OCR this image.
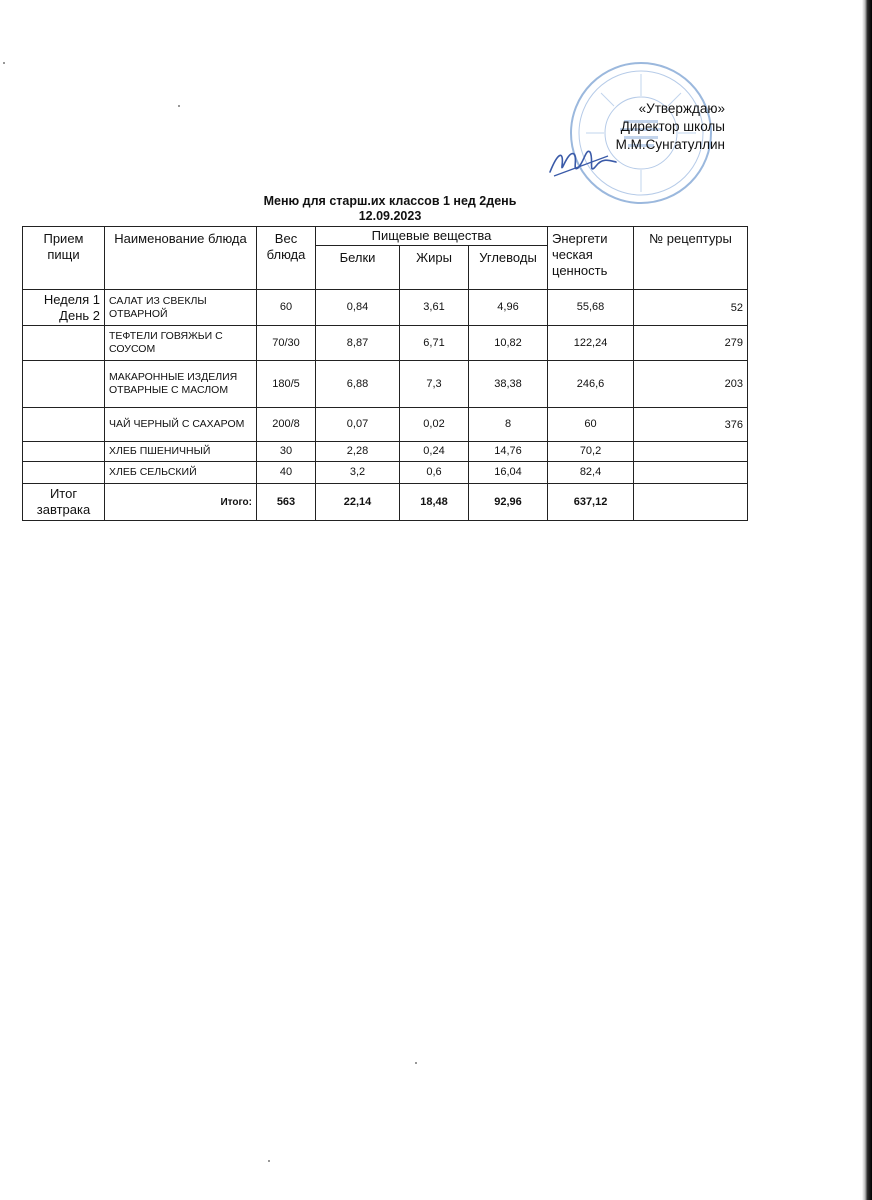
«Утверждаю»
Директор школы
М.М.Сунгатуллин
Меню для старш.их классов 1 нед 2день
12.09.2023
Прием пищи	Наименование блюда	Вес блюда	Пищевые вещества			Энергети ческая ценность	№ рецептуры
			Белки	Жиры	Углеводы		
Неделя 1 День 2	САЛАТ ИЗ СВЕКЛЫ ОТВАРНОЙ	60	0,84	3,61	4,96	55,68	52
	ТЕФТЕЛИ ГОВЯЖЬИ С СОУСОМ	70/30	8,87	6,71	10,82	122,24	279
	МАКАРОННЫЕ ИЗДЕЛИЯ ОТВАРНЫЕ С МАСЛОМ	180/5	6,88	7,3	38,38	246,6	203
	ЧАЙ ЧЕРНЫЙ С САХАРОМ	200/8	0,07	0,02	8	60	376
	ХЛЕБ ПШЕНИЧНЫЙ	30	2,28	0,24	14,76	70,2	
	ХЛЕБ СЕЛЬСКИЙ	40	3,2	0,6	16,04	82,4	
Итог завтрака	Итого:	563	22,14	18,48	92,96	637,12	
